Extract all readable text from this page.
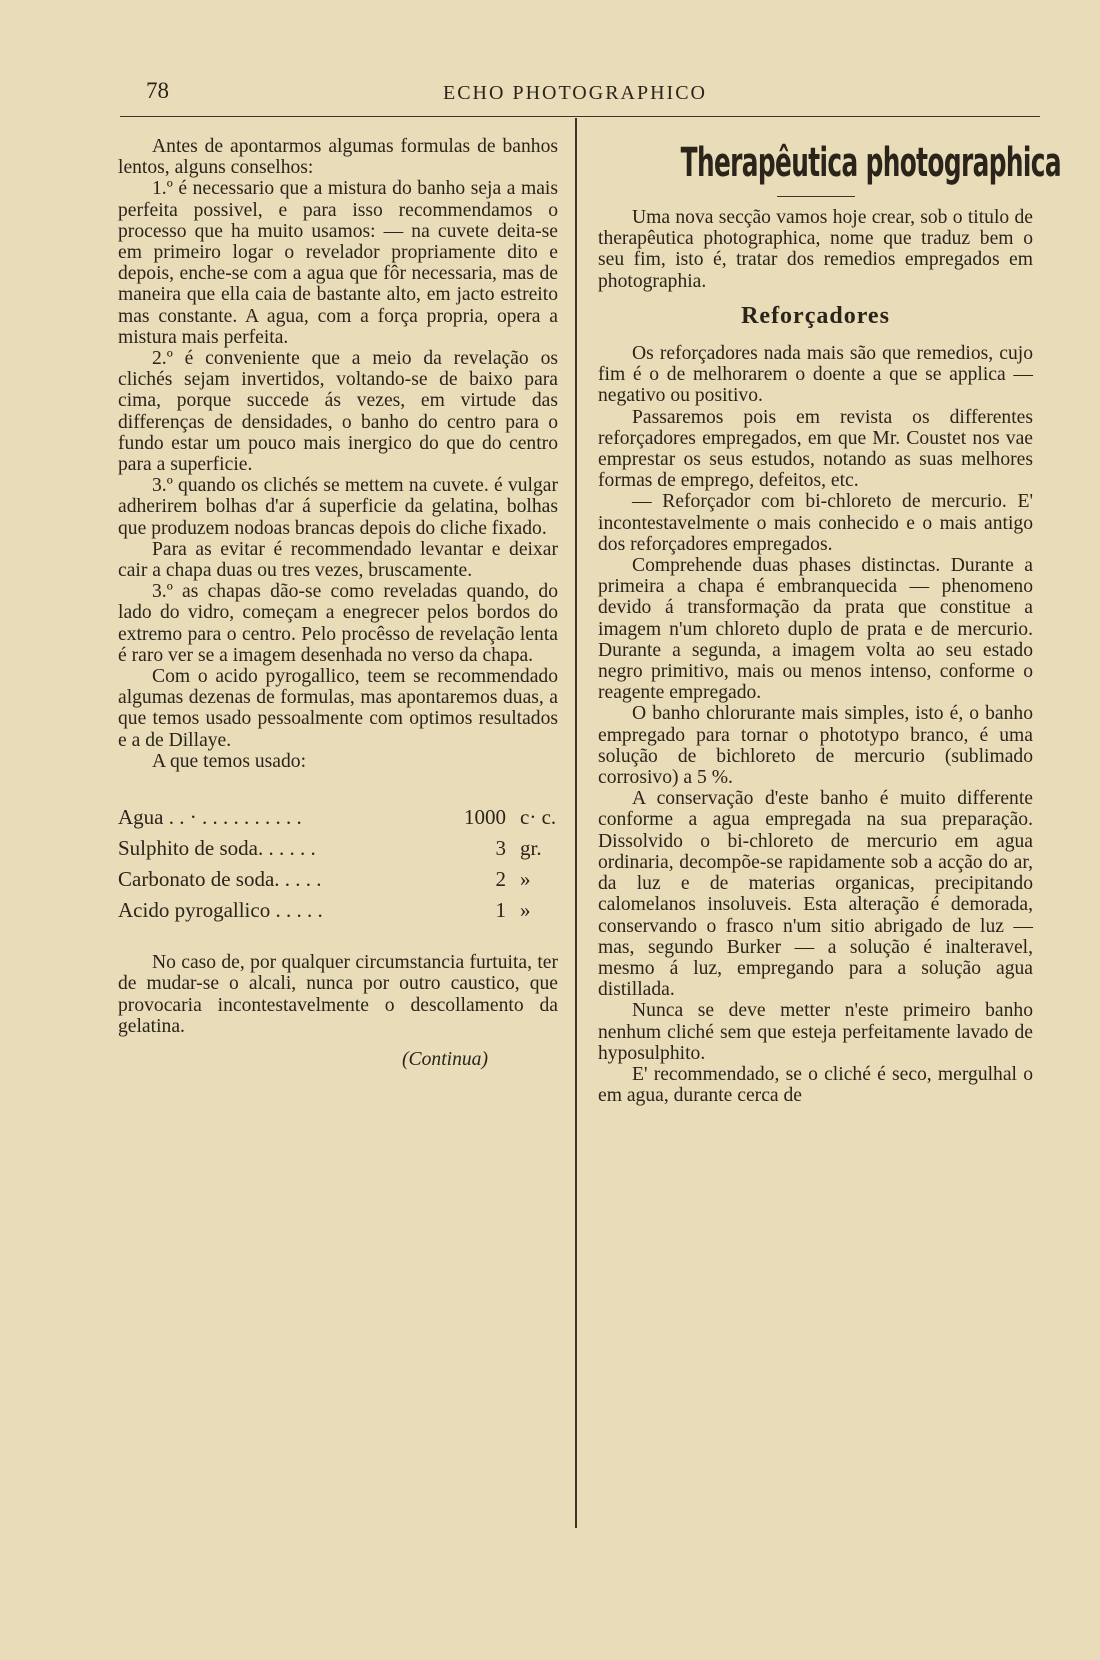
78	ECHO PHOTOGRAPHICO

Antes de apontarmos algumas formulas de banhos lentos, alguns conselhos:

1.º é necessario que a mistura do banho seja a mais perfeita possivel, e para isso recommendamos o processo que ha muito usamos: — na cuvete deita-se em primeiro logar o revelador propriamente dito e depois, enche-se com a agua que fôr necessaria, mas de maneira que ella caia de bastante alto, em jacto estreito mas constante. A agua, com a força propria, opera a mistura mais perfeita.

2.º é conveniente que a meio da revelação os clichés sejam invertidos, voltando-se de baixo para cima, porque succede ás vezes, em virtude das differenças de densidades, o banho do centro para o fundo estar um pouco mais inergico do que do centro para a superficie.

3.º quando os clichés se mettem na cuvete. é vulgar adherirem bolhas d'ar á superficie da gelatina, bolhas que produzem nodoas brancas depois do cliche fixado.

Para as evitar é recommendado levantar e deixar cair a chapa duas ou tres vezes, bruscamente.

3.º as chapas dão-se como reveladas quando, do lado do vidro, começam a enegrecer pelos bordos do extremo para o centro. Pelo procêsso de revelação lenta é raro ver se a imagem desenhada no verso da chapa.

Com o acido pyrogallico, teem se recommendado algumas dezenas de formulas, mas apontaremos duas, a que temos usado pessoalmente com optimos resultados e a de Dillaye.

A que temos usado:

Agua . . · . . . . . . . . . .	1000 c· c.
Sulphito de soda. . . . . .	3 gr.
Carbonato de soda. . . . .	2 »
Acido pyrogallico . . . . .	1 »

No caso de, por qualquer circumstancia furtuita, ter de mudar-se o alcali, nunca por outro caustico, que provocaria incontestavelmente o descollamento da gelatina.

(Continua)
Therapêutica photographica

Uma nova secção vamos hoje crear, sob o titulo de therapêutica photographica, nome que traduz bem o seu fim, isto é, tratar dos remedios empregados em photographia.

Reforçadores

Os reforçadores nada mais são que remedios, cujo fim é o de melhorarem o doente a que se applica — negativo ou positivo.

Passaremos pois em revista os differentes reforçadores empregados, em que Mr. Coustet nos vae emprestar os seus estudos, notando as suas melhores formas de emprego, defeitos, etc.

— Reforçador com bi-chloreto de mercurio. E' incontestavelmente o mais conhecido e o mais antigo dos reforçadores empregados.

Comprehende duas phases distinctas. Durante a primeira a chapa é embranquecida — phenomeno devido á transformação da prata que constitue a imagem n'um chloreto duplo de prata e de mercurio. Durante a segunda, a imagem volta ao seu estado negro primitivo, mais ou menos intenso, conforme o reagente empregado.

O banho chlorurante mais simples, isto é, o banho empregado para tornar o phototypo branco, é uma solução de bichloreto de mercurio (sublimado corrosivo) a 5 %.

A conservação d'este banho é muito differente conforme a agua empregada na sua preparação. Dissolvido o bi-chloreto de mercurio em agua ordinaria, decompõe-se rapidamente sob a acção do ar, da luz e de materias organicas, precipitando calomelanos insoluveis. Esta alteração é demorada, conservando o frasco n'um sitio abrigado de luz — mas, segundo Burker — a solução é inalteravel, mesmo á luz, empregando para a solução agua distillada.

Nunca se deve metter n'este primeiro banho nenhum cliché sem que esteja perfeitamente lavado de hyposulphito.

E' recommendado, se o cliché é seco, mergulhal o em agua, durante cerca de
